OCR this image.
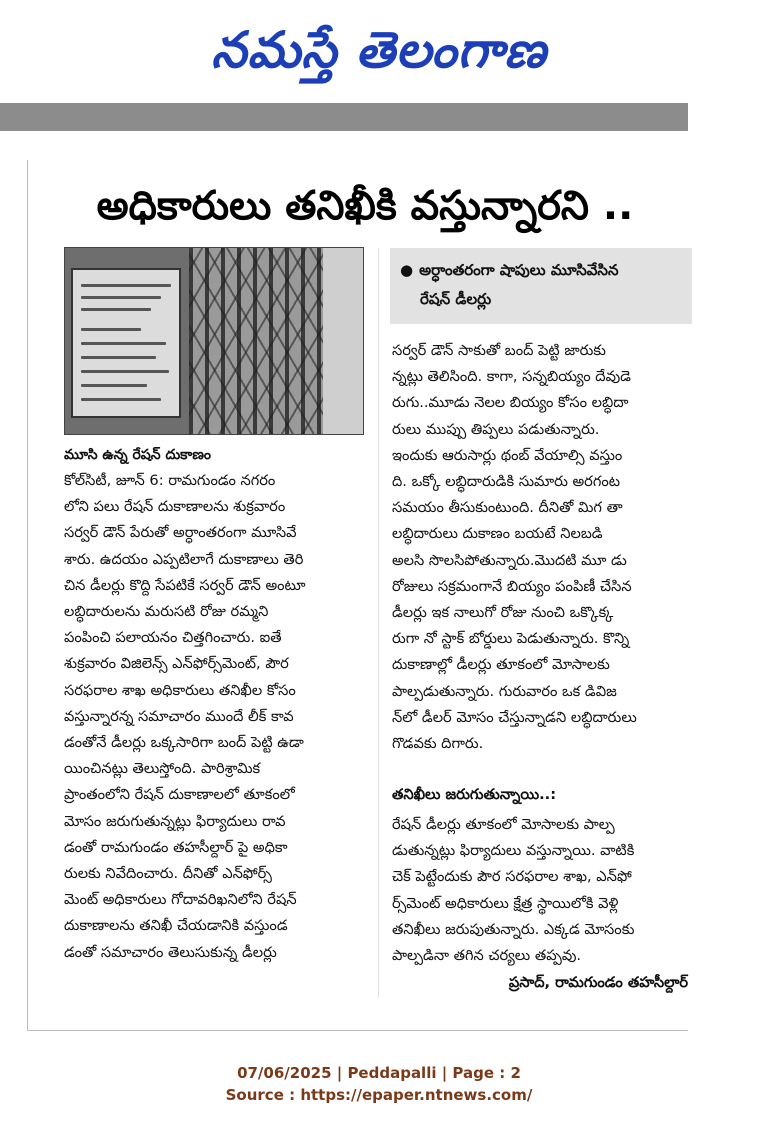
నమస్తే తెలంగాణ
అధికారులు తనిఖీకి వస్తున్నారని ..
మూసి ఉన్న రేషన్ దుకాణం

కోల్‌సిటీ, జూన్ 6: రామగుండం నగరం

లోని పలు రేషన్ దుకాణాలను శుక్రవారం

సర్వర్ డౌన్ పేరుతో అర్ధాంతరంగా మూసివే

శారు. ఉదయం ఎప్పటిలాగే దుకాణాలు తెరి

చిన డీలర్లు కొద్ది సేపటికే సర్వర్ డౌన్ అంటూ

లబ్ధిదారులను మరుసటి రోజు రమ్మని

పంపించి పలాయనం చిత్తగించారు. ఐతే

శుక్రవారం విజిలెన్స్ ఎన్‌ఫోర్స్‌మెంట్, పౌర

సరఫరాల శాఖ అధికారులు తనిఖీల కోసం

వస్తున్నారన్న సమాచారం ముందే లీక్ కావ

డంతోనే డీలర్లు ఒక్కసారిగా బంద్ పెట్టి ఉడా

యించినట్లు తెలుస్తోంది. పారిశ్రామిక

ప్రాంతంలోని రేషన్ దుకాణాలలో తూకంలో

మోసం జరుగుతున్నట్లు ఫిర్యాదులు రావ

డంతో రామగుండం తహసీల్దార్ పై అధికా

రులకు నివేదించారు. దీనితో ఎన్‌ఫోర్స్

మెంట్ అధికారులు గోదావరిఖనిలోని రేషన్

దుకాణాలను తనిఖీ చేయడానికి వస్తుండ

డంతో సమాచారం తెలుసుకున్న డీలర్లు

● అర్ధాంతరంగా షాపులు మూసివేసిన
రేషన్ డీలర్లు

సర్వర్ డౌన్ సాకుతో బంద్ పెట్టి జారుకు

న్నట్లు తెలిసింది. కాగా, సన్నబియ్యం దేవుడె

రుగు..మూడు నెలల బియ్యం కోసం లబ్ధిదా

రులు ముప్పు తిప్పలు పడుతున్నారు.

ఇందుకు ఆరుసార్లు థంబ్ వేయాల్సి వస్తుం

ది. ఒక్కో లబ్ధిదారుడికి సుమారు అరగంట

సమయం తీసుకుంటుంది. దీనితో మిగ తా

లబ్ధిదారులు దుకాణం బయటే నిలబడి

అలసి సొలసిపోతున్నారు.మొదటి మూ డు

రోజులు సక్రమంగానే బియ్యం పంపిణీ చేసిన

డీలర్లు ఇక నాలుగో రోజు నుంచి ఒక్కొక్క

రుగా నో స్టాక్ బోర్డులు పెడుతున్నారు. కొన్ని

దుకాణాల్లో డీలర్లు తూకంలో మోసాలకు

పాల్పడుతున్నారు. గురువారం ఒక డివిజ

న్‌లో డీలర్ మోసం చేస్తున్నాడని లబ్ధిదారులు

గొడవకు దిగారు.

తనిఖీలు జరుగుతున్నాయి..:

రేషన్ డీలర్లు తూకంలో మోసాలకు పాల్ప

డుతున్నట్లు ఫిర్యాదులు వస్తున్నాయి. వాటికి

చెక్ పెట్టేందుకు పౌర సరఫరాల శాఖ, ఎన్‌ఫో

ర్స్‌మెంట్ అధికారులు క్షేత్ర స్థాయిలోకి వెళ్లి

తనిఖీలు జరుపుతున్నారు. ఎక్కడ మోసంకు

పాల్పడినా తగిన చర్యలు తప్పవు.

ప్రసాద్, రామగుండం తహసీల్దార్
07/06/2025 | Peddapalli | Page : 2
Source : https://epaper.ntnews.com/
